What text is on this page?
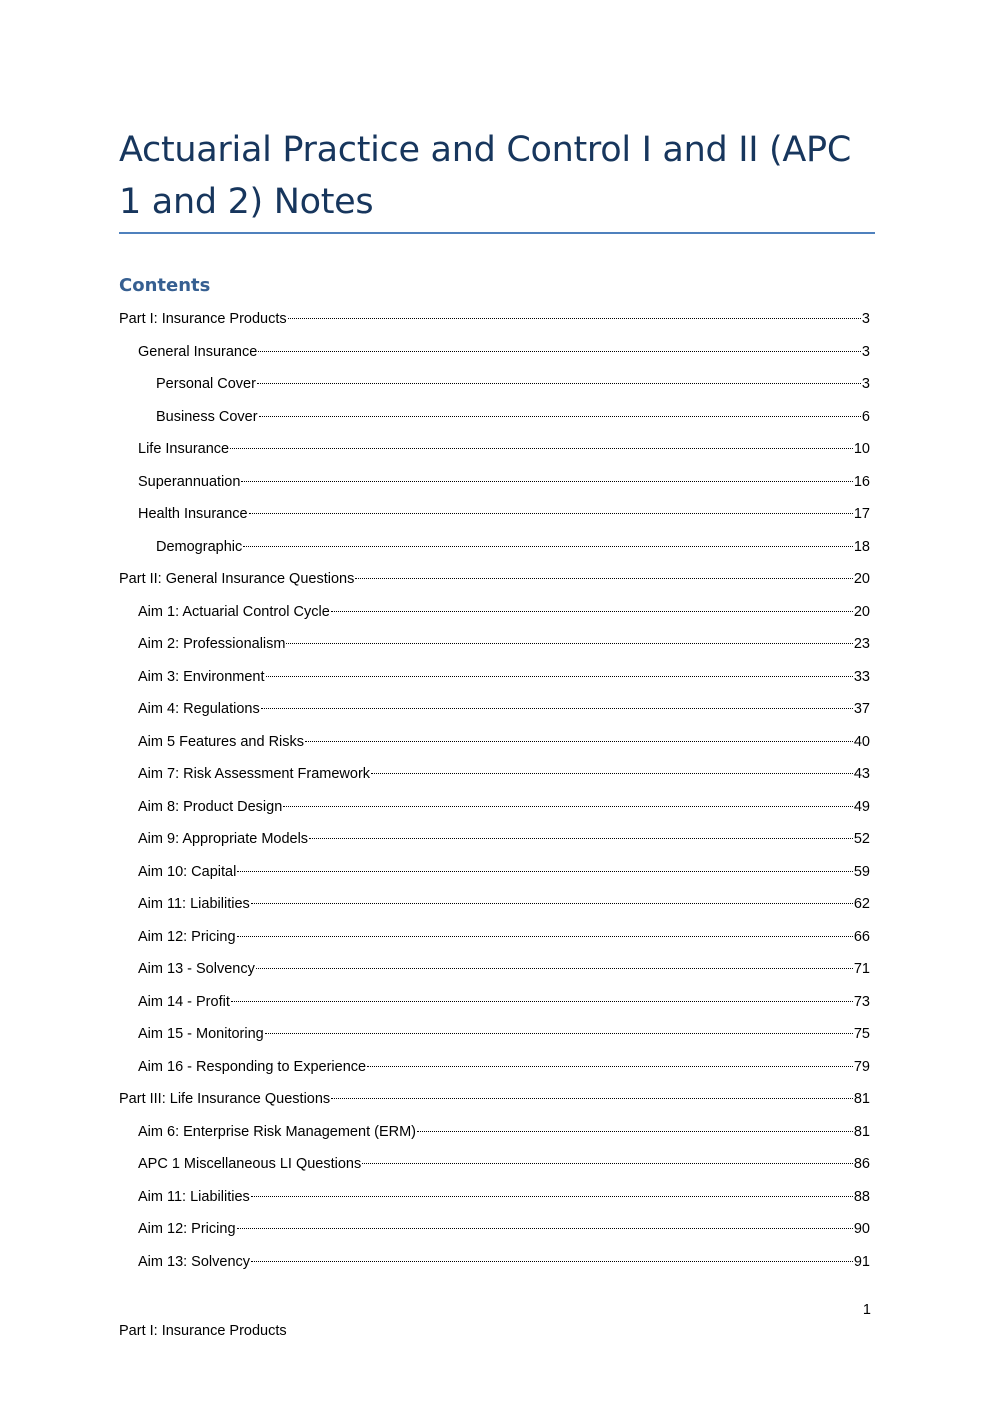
Actuarial Practice and Control I and II (APC 1 and 2) Notes
Contents
Part I: Insurance Products	3
General Insurance	3
Personal Cover	3
Business Cover	6
Life Insurance	10
Superannuation	16
Health Insurance	17
Demographic	18
Part II: General Insurance Questions	20
Aim 1: Actuarial Control Cycle	20
Aim 2: Professionalism	23
Aim 3: Environment	33
Aim 4: Regulations	37
Aim 5 Features and Risks	40
Aim 7: Risk Assessment Framework	43
Aim 8: Product Design	49
Aim 9: Appropriate Models	52
Aim 10: Capital	59
Aim 11: Liabilities	62
Aim 12: Pricing	66
Aim 13 - Solvency	71
Aim 14 - Profit	73
Aim 15 - Monitoring	75
Aim 16 - Responding to Experience	79
Part III: Life Insurance Questions	81
Aim 6: Enterprise Risk Management (ERM)	81
APC 1 Miscellaneous LI Questions	86
Aim 11: Liabilities	88
Aim 12: Pricing	90
Aim 13: Solvency	91
1
Part I: Insurance Products
